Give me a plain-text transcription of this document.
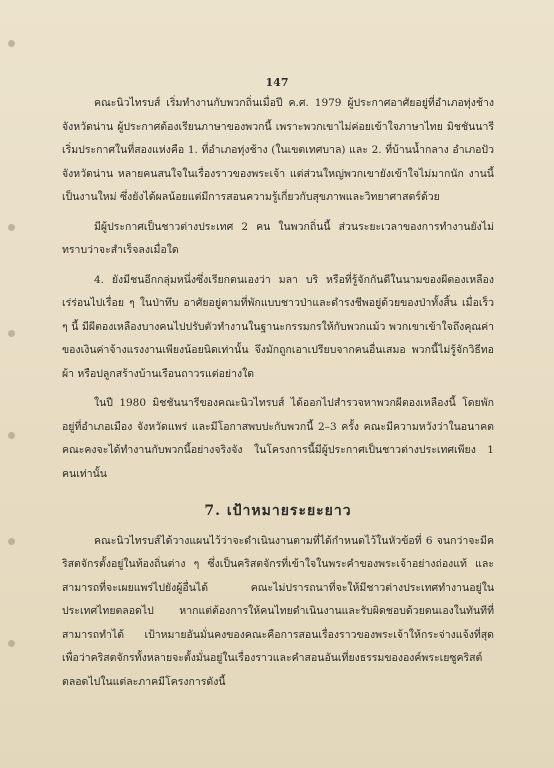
147

คณะนิวไทรบส์ เริ่มทำงานกับพวกถิ่นเมื่อปี ค.ศ. 1979 ผู้ประกาศอาศัยอยู่ที่อำเภอทุ่งช้าง จังหวัดน่าน ผู้ประกาศต้องเรียนภาษาของพวกนี้ เพราะพวกเขาไม่ค่อยเข้าใจภาษาไทย มิชชันนารีเริ่มประกาศในที่สองแห่งคือ 1. ที่อำเภอทุ่งช้าง (ในเขตเทศบาล) และ 2. ที่บ้านน้ำกลาง อำเภอปัว จังหวัดน่าน หลายคนสนใจในเรื่องราวของพระเจ้า แต่ส่วนใหญ่พวกเขายังเข้าใจไม่มากนัก งานนี้เป็นงานใหม่ ซึ่งยังได้ผลน้อยแต่มีการสอนความรู้เกี่ยวกับสุขภาพและวิทยาศาสตร์ด้วย

มีผู้ประกาศเป็นชาวต่างประเทศ 2 คน ในพวกถิ่นนี้ ส่วนระยะเวลาของการทำงานยังไม่ทราบว่าจะสำเร็จลงเมื่อใด

4. ยังมีชนอีกกลุ่มหนึ่งซึ่งเรียกตนเองว่า มลา บริ หรือที่รู้จักกันดีในนามของผีตองเหลือง เร่ร่อนไปเรื่อย ๆ ในป่าทึบ อาศัยอยู่ตามที่พักแบบชาวป่าและดำรงชีพอยู่ด้วยของป่าทั้งสิ้น เมื่อเร็ว ๆ นี้ มีผีตองเหลืองบางคนไปปรับตัวทำงานในฐานะกรรมกรให้กับพวกแม้ว พวกเขาเข้าใจถึงคุณค่าของเงินค่าจ้างแรงงานเพียงน้อยนิดเท่านั้น จึงมักถูกเอาเปรียบจากคนอื่นเสมอ พวกนี้ไม่รู้จักวิธีทอผ้า หรือปลูกสร้างบ้านเรือนถาวรแต่อย่างใด

ในปี 1980 มิชชันนารีของคณะนิวไทรบส์ ได้ออกไปสำรวจหาพวกผีตองเหลืองนี้ โดยพักอยู่ที่อำเภอเมือง จังหวัดแพร่ และมีโอกาสพบปะกับพวกนี้ 2–3 ครั้ง คณะมีความหวังว่าในอนาคตคณะคงจะได้ทำงานกับพวกนี้อย่างจริงจัง ในโครงการนี้มีผู้ประกาศเป็นชาวต่างประเทศเพียง 1 คนเท่านั้น

7. เป้าหมายระยะยาว

คณะนิวไทรบส์ได้วางแผนไว้ว่าจะดำเนินงานตามที่ได้กำหนดไว้ในหัวข้อที่ 6 จนกว่าจะมีคริสตจักรตั้งอยู่ในท้องถิ่นต่าง ๆ ซึ่งเป็นคริสตจักรที่เข้าใจในพระคำของพระเจ้าอย่างถ่องแท้ และสามารถที่จะเผยแพร่ไปยังผู้อื่นได้ คณะไม่ปรารถนาที่จะให้มีชาวต่างประเทศทำงานอยู่ในประเทศไทยตลอดไป หากแต่ต้องการให้คนไทยดำเนินงานและรับผิดชอบด้วยตนเองในทันทีที่สามารถทำได้ เป้าหมายอันมั่นคงของคณะคือการสอนเรื่องราวของพระเจ้าให้กระจ่างแจ้งที่สุด เพื่อว่าคริสตจักรทั้งหลายจะตั้งมั่นอยู่ในเรื่องราวและคำสอนอันเที่ยงธรรมขององค์พระเยซูคริสต์ตลอดไปในแต่ละภาคมีโครงการดังนี้
